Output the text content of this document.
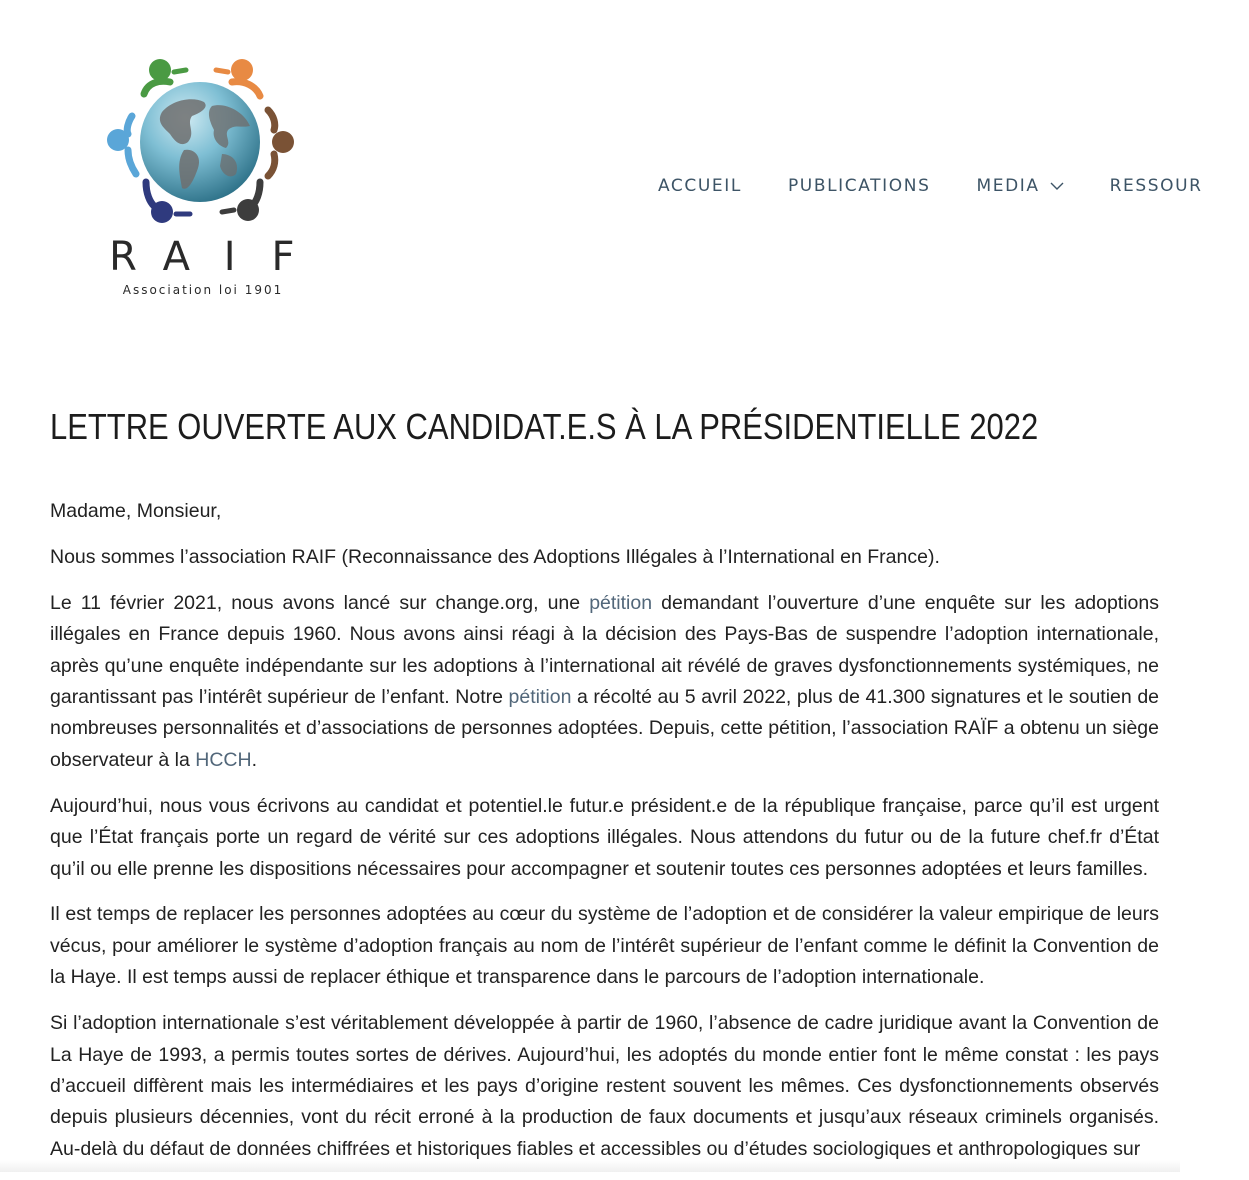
R A I F
Association loi 1901
ACCUEIL	PUBLICATIONS	MEDIA	RESSOUR
LETTRE OUVERTE AUX CANDIDAT.E.S À LA PRÉSIDENTIELLE 2022

Madame, Monsieur,

Nous sommes l’association RAIF (Reconnaissance des Adoptions Illégales à l’International en France).

Le 11 février 2021, nous avons lancé sur change.org, une pétition demandant l’ouverture d’une enquête sur les adoptions illégales en France depuis 1960. Nous avons ainsi réagi à la décision des Pays-Bas de suspendre l’adoption internationale, après qu’une enquête indépendante sur les adoptions à l’international ait révélé de graves dysfonctionnements systémiques, ne garantissant pas l’intérêt supérieur de l’enfant. Notre pétition a récolté au 5 avril 2022, plus de 41.300 signatures et le soutien de nombreuses personnalités et d’associations de personnes adoptées. Depuis, cette pétition, l’association RAÏF a obtenu un siège observateur à la HCCH.

Aujourd’hui, nous vous écrivons au candidat et potentiel.le futur.e président.e de la république française, parce qu’il est urgent que l’État français porte un regard de vérité sur ces adoptions illégales. Nous attendons du futur ou de la future chef.fr d’État qu’il ou elle prenne les dispositions nécessaires pour accompagner et soutenir toutes ces personnes adoptées et leurs familles.

Il est temps de replacer les personnes adoptées au cœur du système de l’adoption et de considérer la valeur empirique de leurs vécus, pour améliorer le système d’adoption français au nom de l’intérêt supérieur de l’enfant comme le définit la Convention de la Haye. Il est temps aussi de replacer éthique et transparence dans le parcours de l’adoption internationale.

Si l’adoption internationale s’est véritablement développée à partir de 1960, l’absence de cadre juridique avant la Convention de La Haye de 1993, a permis toutes sortes de dérives. Aujourd’hui, les adoptés du monde entier font le même constat : les pays d’accueil diffèrent mais les intermédiaires et les pays d’origine restent souvent les mêmes. Ces dysfonctionnements observés depuis plusieurs décennies, vont du récit erroné à la production de faux documents et jusqu’aux réseaux criminels organisés. Au-delà du défaut de données chiffrées et historiques fiables et accessibles ou d’études sociologiques et anthropologiques sur
